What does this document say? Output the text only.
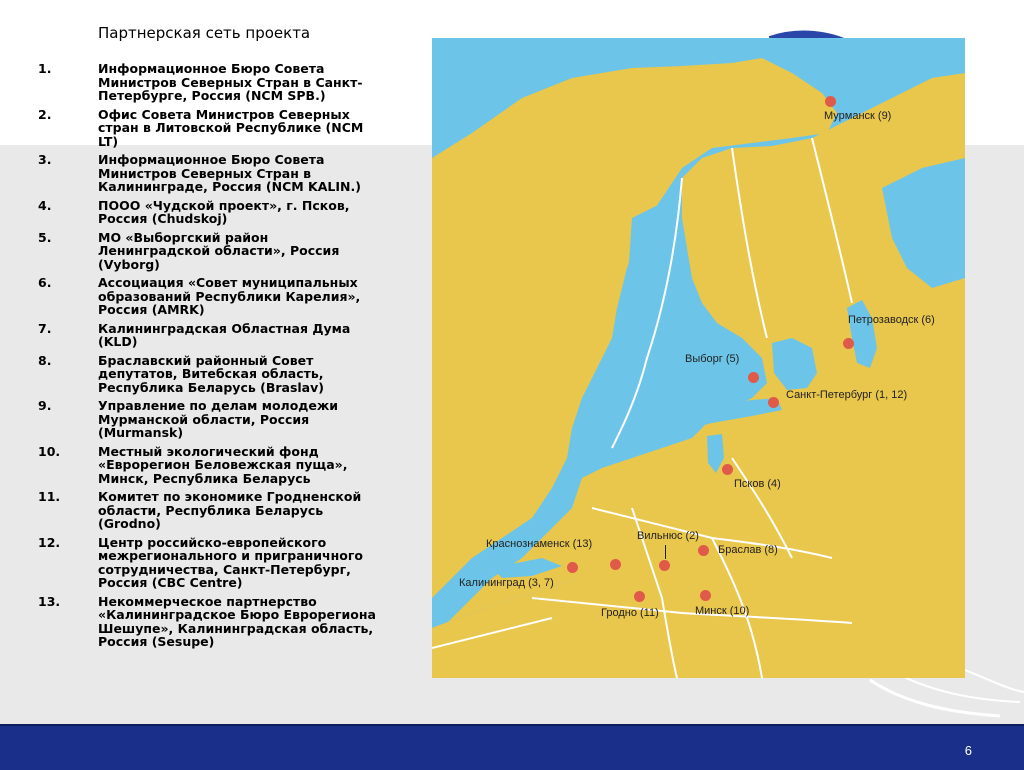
Партнерская сеть проекта
1.	Информационное Бюро Совета Министров Северных Стран в Санкт-Петербурге, Россия (NCM SPB.)
2.	Офис Совета Министров Северных стран в Литовской Республике (NCM LT)
3.	Информационное Бюро Совета Министров Северных Стран в Калининграде, Россия (NCM KALIN.)
4.	ПООО «Чудской проект», г. Псков, Россия (Chudskoj)
5.	МО «Выборгский район Ленинградской области», Россия (Vyborg)
6.	Ассоциация «Совет муниципальных образований Республики Карелия», Россия (AMRK)
7.	Калининградская Областная Дума (KLD)
8.	Браславский районный Совет депутатов, Витебская область, Республика Беларусь (Braslav)
9.	Управление по делам молодежи Мурманской области, Россия (Murmansk)
10.	Местный экологический фонд «Еврорегион Беловежская пуща», Минск, Республика Беларусь
11.	Комитет по экономике Гродненской области, Республика Беларусь (Grodno)
12.	Центр российско-европейского межрегионального и приграничного сотрудничества, Санкт-Петербург, Россия (CBC Centre)
13.	Некоммерческое партнерство «Калининградское Бюро Еврорегиона Шешупе», Калининградская область, Россия (Sesupe)
Мурманск (9)
Петрозаводск (6)
Выборг (5)
Санкт-Петербург (1, 12)
Псков (4)
Вильнюс (2)
Браслав (8)
Краснознаменск (13)
Калининград (3, 7)
Гродно (11)	Минск (10)
6
